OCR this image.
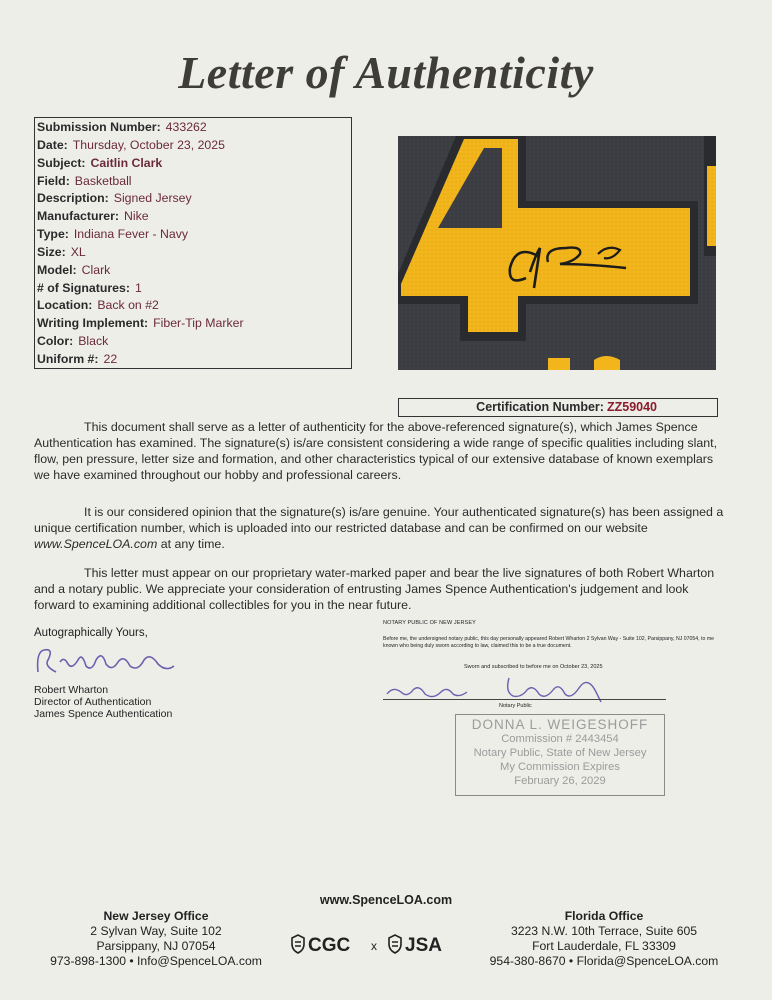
Letter of Authenticity
Submission Number: 433262
Date: Thursday, October 23, 2025
Subject: Caitlin Clark
Field: Basketball
Description: Signed Jersey
Manufacturer: Nike
Type: Indiana Fever - Navy
Size: XL
Model: Clark
# of Signatures: 1
Location: Back on #2
Writing Implement: Fiber-Tip Marker
Color: Black
Uniform #: 22
Certification Number: ZZ59040

This document shall serve as a letter of authenticity for the above-referenced signature(s), which James Spence Authentication has examined. The signature(s) is/are consistent considering a wide range of specific qualities including slant, flow, pen pressure, letter size and formation, and other characteristics typical of our extensive database of known exemplars we have examined throughout our hobby and professional careers.

It is our considered opinion that the signature(s) is/are genuine. Your authenticated signature(s) has been assigned a unique certification number, which is uploaded into our restricted database and can be confirmed on our website www.SpenceLOA.com at any time.

This letter must appear on our proprietary water-marked paper and bear the live signatures of both Robert Wharton and a notary public. We appreciate your consideration of entrusting James Spence Authentication's judgement and look forward to examining additional collectibles for you in the near future.

Autographically Yours,
Robert Wharton
Director of Authentication
James Spence Authentication
NOTARY PUBLIC OF NEW JERSEY
Before me, the undersigned notary public, this day personally appeared Robert Wharton 2 Sylvan Way - Suite 102, Parsippany, NJ 07054, to me known who being duly sworn according to law, claimed this to be a true document.
Sworn and subscribed to before me on October 23, 2025
Notary Public
DONNA L. WEIGESHOFF
Commission # 2443454
Notary Public, State of New Jersey
My Commission Expires
February 26, 2029
www.SpenceLOA.com
New Jersey Office
2 Sylvan Way, Suite 102
Parsippany, NJ 07054
973-898-1300 • Info@SpenceLOA.com
CGC x JSA
Florida Office
3223 N.W. 10th Terrace, Suite 605
Fort Lauderdale, FL 33309
954-380-8670 • Florida@SpenceLOA.com
